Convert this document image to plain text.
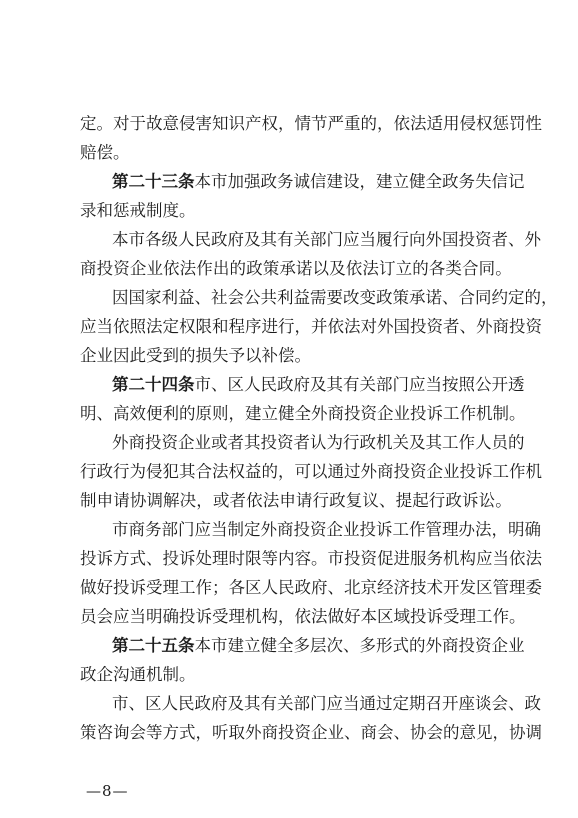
定 。 对 于 故 意 侵 害 知 识 产 权 ， 情 节 严 重 的 ， 依 法 适 用 侵 权 惩 罚 性
赔偿。
第二十三条 本 市 加 强 政 务 诚 信 建 设 ， 建 立 健 全 政 务 失 信 记
录和惩戒制度。
本 市 各 级 人 民 政 府 及 其 有 关 部 门 应 当 履 行 向 外 国 投 资 者 、 外
商 投 资 企 业 依 法 作 出 的 政 策 承 诺 以 及 依 法 订 立 的 各 类 合 同 。
因 国 家 利 益 、 社 会 公 共 利 益 需 要 改 变 政 策 承 诺 、 合 同 约 定 的 ，
应 当 依 照 法 定 权 限 和 程 序 进 行 ， 并 依 法 对 外 国 投 资 者 、 外 商 投 资
企业因此受到的损失予以补偿。
第二十四条 市 、 区 人 民 政 府 及 其 有 关 部 门 应 当 按 照 公 开 透
明 、 高 效 便 利 的 原 则 ， 建 立 健 全 外 商 投 资 企 业 投 诉 工 作 机 制 。
外 商 投 资 企 业 或 者 其 投 资 者 认 为 行 政 机 关 及 其 工 作 人 员 的
行 政 行 为 侵 犯 其 合 法 权 益 的 ， 可 以 通 过 外 商 投 资 企 业 投 诉 工 作 机
制 申 请 协 调 解 决 ， 或 者 依 法 申 请 行 政 复 议 、 提 起 行 政 诉 讼 。
市 商 务 部 门 应 当 制 定 外 商 投 资 企 业 投 诉 工 作 管 理 办 法 ， 明 确
投 诉 方 式 、 投 诉 处 理 时 限 等 内 容 。 市 投 资 促 进 服 务 机 构 应 当 依 法
做 好 投 诉 受 理 工 作 ； 各 区 人 民 政 府 、 北 京 经 济 技 术 开 发 区 管 理 委
员 会 应 当 明 确 投 诉 受 理 机 构 ， 依 法 做 好 本 区 域 投 诉 受 理 工 作 。
第二十五条 本 市 建 立 健 全 多 层 次 、 多 形 式 的 外 商 投 资 企 业
政企沟通机制。
市 、 区 人 民 政 府 及 其 有 关 部 门 应 当 通 过 定 期 召 开 座 谈 会 、 政
策 咨 询 会 等 方 式 ， 听 取 外 商 投 资 企 业 、 商 会 、 协 会 的 意 见 ， 协 调
—8—
